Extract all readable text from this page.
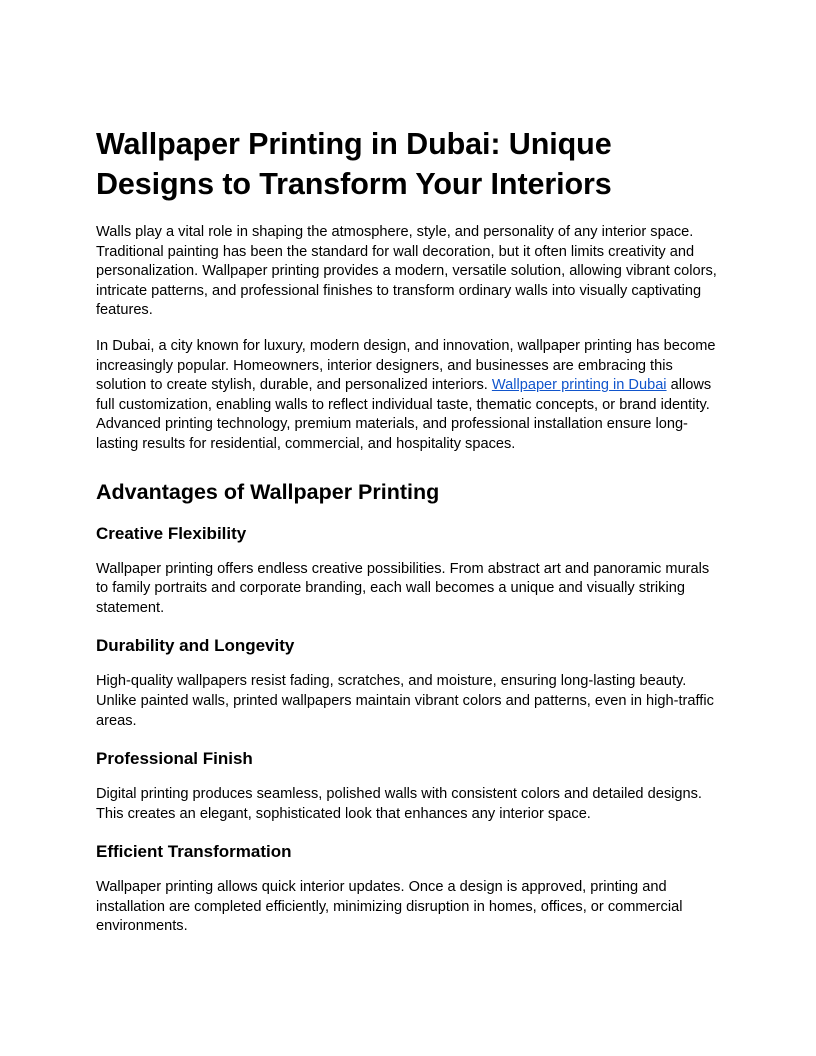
Wallpaper Printing in Dubai: Unique Designs to Transform Your Interiors

Walls play a vital role in shaping the atmosphere, style, and personality of any interior space. Traditional painting has been the standard for wall decoration, but it often limits creativity and personalization. Wallpaper printing provides a modern, versatile solution, allowing vibrant colors, intricate patterns, and professional finishes to transform ordinary walls into visually captivating features.

In Dubai, a city known for luxury, modern design, and innovation, wallpaper printing has become increasingly popular. Homeowners, interior designers, and businesses are embracing this solution to create stylish, durable, and personalized interiors. Wallpaper printing in Dubai allows full customization, enabling walls to reflect individual taste, thematic concepts, or brand identity. Advanced printing technology, premium materials, and professional installation ensure long-lasting results for residential, commercial, and hospitality spaces.

Advantages of Wallpaper Printing
Creative Flexibility

Wallpaper printing offers endless creative possibilities. From abstract art and panoramic murals to family portraits and corporate branding, each wall becomes a unique and visually striking statement.

Durability and Longevity

High-quality wallpapers resist fading, scratches, and moisture, ensuring long-lasting beauty. Unlike painted walls, printed wallpapers maintain vibrant colors and patterns, even in high-traffic areas.

Professional Finish

Digital printing produces seamless, polished walls with consistent colors and detailed designs. This creates an elegant, sophisticated look that enhances any interior space.

Efficient Transformation

Wallpaper printing allows quick interior updates. Once a design is approved, printing and installation are completed efficiently, minimizing disruption in homes, offices, or commercial environments.
